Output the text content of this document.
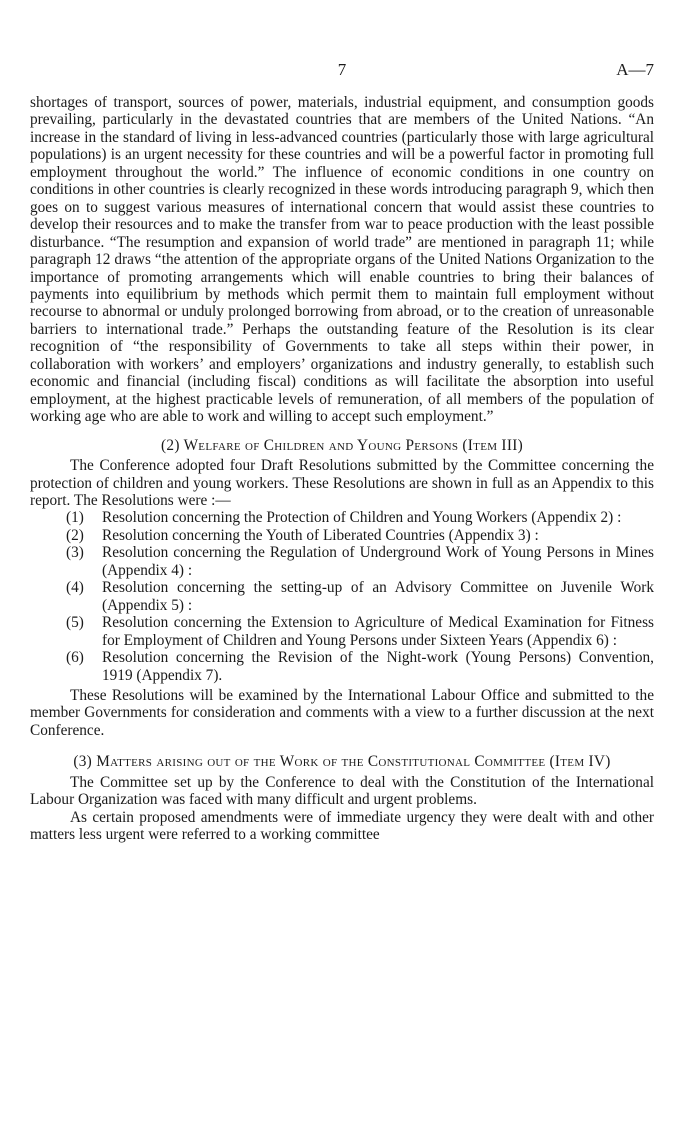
7	A—7

shortages of transport, sources of power, materials, industrial equipment, and consumption goods prevailing, particularly in the devastated countries that are members of the United Nations. “An increase in the standard of living in less-advanced countries (particularly those with large agricultural populations) is an urgent necessity for these countries and will be a powerful factor in promoting full employment throughout the world.” The influence of economic conditions in one country on conditions in other countries is clearly recognized in these words introducing paragraph 9, which then goes on to suggest various measures of international concern that would assist these countries to develop their resources and to make the transfer from war to peace production with the least possible disturbance. “The resumption and expansion of world trade” are mentioned in paragraph 11; while paragraph 12 draws “the attention of the appropriate organs of the United Nations Organization to the importance of promoting arrangements which will enable countries to bring their balances of payments into equilibrium by methods which permit them to maintain full employment without recourse to abnormal or unduly prolonged borrowing from abroad, or to the creation of unreasonable barriers to international trade.” Perhaps the outstanding feature of the Resolution is its clear recognition of “the responsibility of Governments to take all steps within their power, in collaboration with workers’ and employers’ organizations and industry generally, to establish such economic and financial (including fiscal) conditions as will facilitate the absorption into useful employment, at the highest practicable levels of remuneration, of all members of the population of working age who are able to work and willing to accept such employment.”

(2) Welfare of Children and Young Persons (Item III)

The Conference adopted four Draft Resolutions submitted by the Committee concerning the protection of children and young workers. These Resolutions are shown in full as an Appendix to this report. The Resolutions were :—

(1) Resolution concerning the Protection of Children and Young Workers (Appendix 2) :
(2) Resolution concerning the Youth of Liberated Countries (Appendix 3) :
(3) Resolution concerning the Regulation of Underground Work of Young Persons in Mines (Appendix 4) :
(4) Resolution concerning the setting-up of an Advisory Committee on Juvenile Work (Appendix 5) :
(5) Resolution concerning the Extension to Agriculture of Medical Examination for Fitness for Employment of Children and Young Persons under Sixteen Years (Appendix 6) :
(6) Resolution concerning the Revision of the Night-work (Young Persons) Convention, 1919 (Appendix 7).

These Resolutions will be examined by the International Labour Office and submitted to the member Governments for consideration and comments with a view to a further discussion at the next Conference.

(3) Matters arising out of the Work of the Constitutional Committee (Item IV)

The Committee set up by the Conference to deal with the Constitution of the International Labour Organization was faced with many difficult and urgent problems.

As certain proposed amendments were of immediate urgency they were dealt with and other matters less urgent were referred to a working committee
